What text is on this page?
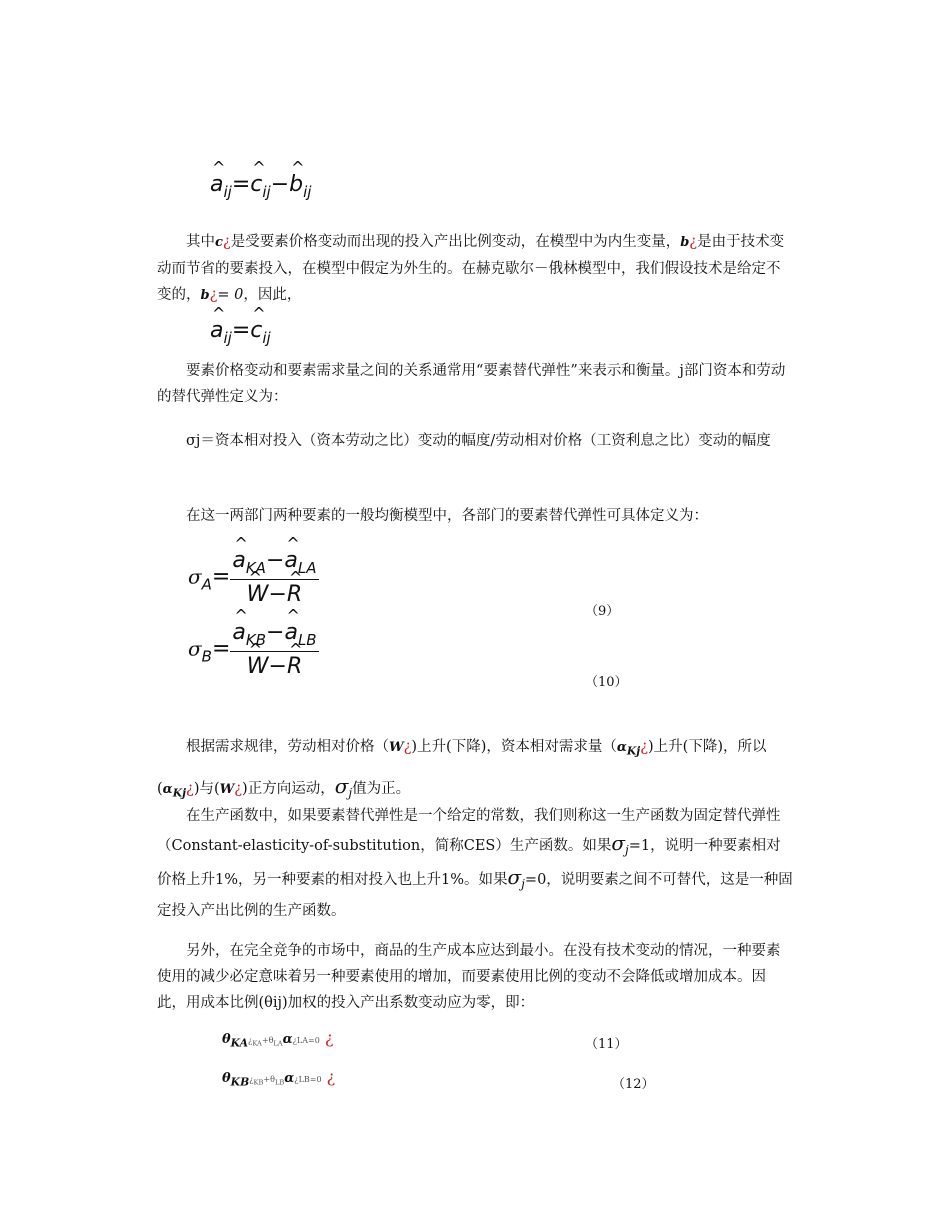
^ $a_{ij}=\^{}$ $c_{ij}-\^{}$ $b_{ij}$

其中c¿是受要素价格变动而出现的投入产出比例变动，在模型中为内生变量，b¿是由于技术变动而节省的要素投入，在模型中假定为外生的。在赫克歇尔－俄林模型中，我们假设技术是给定不变的，b¿= 0，因此，

^ $a_{ij}=\^{}$ $c_{ij}$

要素价格变动和要素需求量之间的关系通常用“要素替代弹性”来表示和衡量。j部门资本和劳动的替代弹性定义为：

σj＝资本相对投入（资本劳动之比）变动的幅度/劳动相对价格（工资利息之比）变动的幅度

在这一两部门两种要素的一般均衡模型中，各部门的要素替代弹性可具体定义为：

$\sigma_A=$ ^ $a_{KA}-\^{}$ $a_{LA}$
^ W−^ R
（9）
$\sigma_B=$ ^ $a_{KB}-\^{}$ $a_{LB}$
^ W−^ R
（10）

根据需求规律，劳动相对价格（W¿)上升(下降)，资本相对需求量$(\alpha_{Kj}¿)$上升(下降)，所以$(\alpha_{Kj}¿)$与(W¿)正方向运动，$\sigma_j$值为正。

在生产函数中，如果要素替代弹性是一个给定的常数，我们则称这一生产函数为固定替代弹性（Constant-elasticity-of-substitution，简称CES）生产函数。如果$\sigma_j=1$，说明一种要素相对价格上升1%，另一种要素的相对投入也上升1%。如果$\sigma_j=0$，说明要素之间不可替代，这是一种固定投入产出比例的生产函数。

另外，在完全竞争的市场中，商品的生产成本应达到最小。在没有技术变动的情况，一种要素使用的减少必定意味着另一种要素使用的增加，而要素使用比例的变动不会降低或增加成本。因此，用成本比例(θij)加权的投入产出系数变动应为零，即：

$\theta_{KA}¿_{KA}+\theta_{LA}\alpha¿LA=0$ ¿	（11）
$\theta_{KB}¿_{KB}+\theta_{LB}\alpha¿LB=0$ ¿	（12）
